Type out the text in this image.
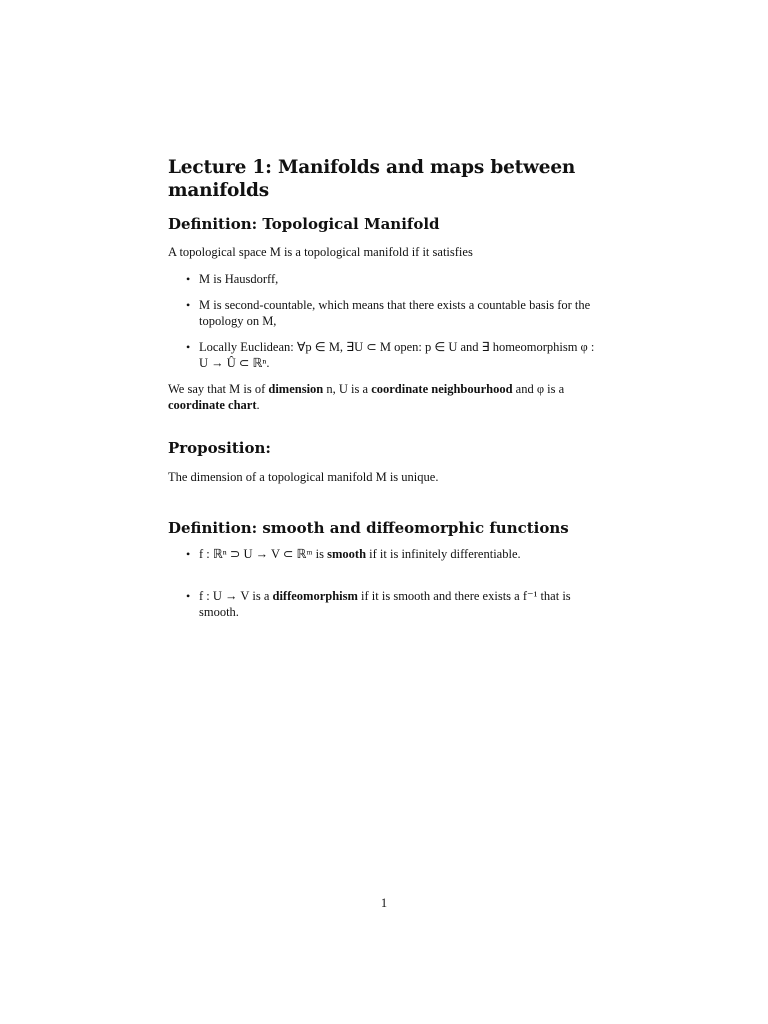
Lecture 1: Manifolds and maps between manifolds
Definition: Topological Manifold

A topological space M is a topological manifold if it satisfies

• M is Hausdorff,
• M is second-countable, which means that there exists a countable basis for the topology on M,
• Locally Euclidean: ∀p ∈ M, ∃U ⊂ M open: p ∈ U and ∃ homeomorphism φ : U → Û ⊂ ℝⁿ.

We say that M is of dimension n, U is a coordinate neighbourhood and φ is a coordinate chart.

Proposition:

The dimension of a topological manifold M is unique.

Definition: smooth and diffeomorphic functions
• f : ℝⁿ ⊃ U → V ⊂ ℝᵐ is smooth if it is infinitely differentiable.
• f : U → V is a diffeomorphism if it is smooth and there exists a f⁻¹ that is smooth.
1
